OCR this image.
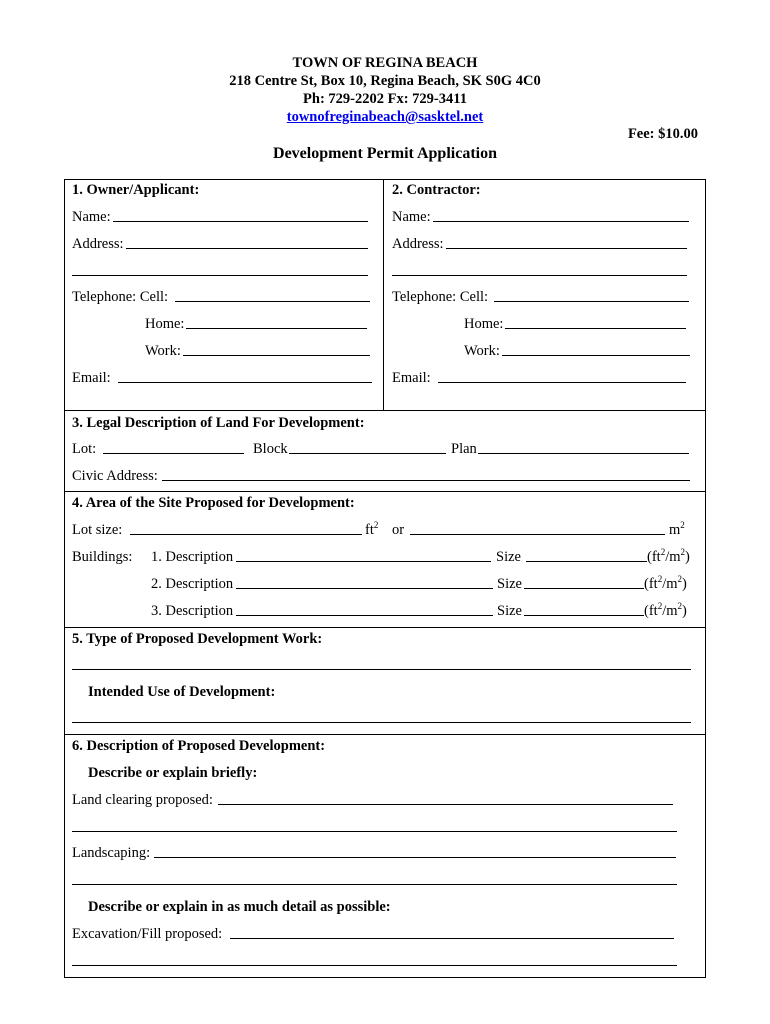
TOWN OF REGINA BEACH
218 Centre St, Box 10, Regina Beach, SK S0G 4C0
Ph: 729-2202 Fx: 729-3411
townofreginabeach@sasktel.net
Fee: $10.00
Development Permit Application
1. Owner/Applicant:
Name:
Address:
Telephone: Cell:
Home:
Work:
Email:
2. Contractor:
Name:
Address:
Telephone: Cell:
Home:
Work:
Email:
3. Legal Description of Land For Development:
Lot:	Block	Plan
Civic Address:
4. Area of the Site Proposed for Development:
Lot size:	$ft^2$ or	$m^2$
Buildings: 1. Description	Size	$(ft^2/m^2)$
2. Description	Size	$(ft^2/m^2)$
3. Description	Size	$(ft^2/m^2)$
5. Type of Proposed Development Work:
Intended Use of Development:
6. Description of Proposed Development:
Describe or explain briefly:
Land clearing proposed:
Landscaping:
Describe or explain in as much detail as possible:
Excavation/Fill proposed:
